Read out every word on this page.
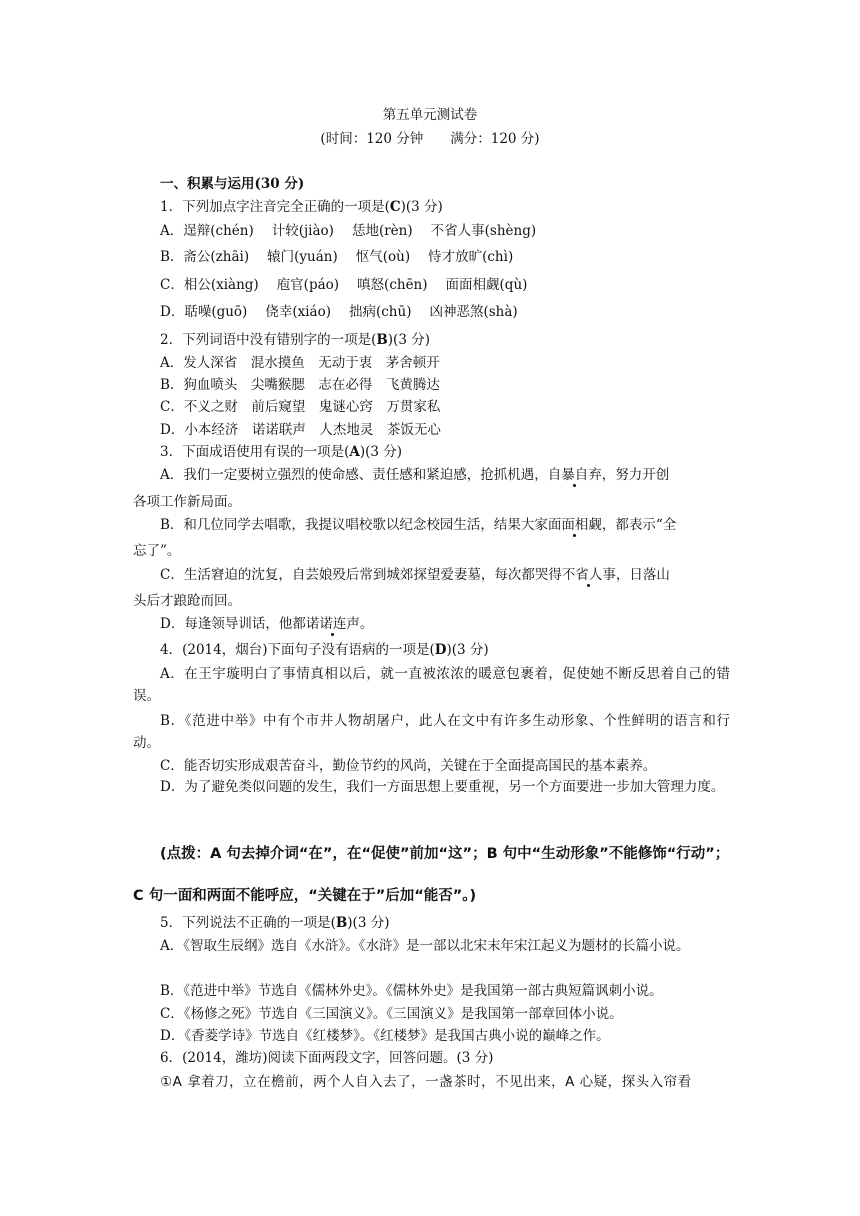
第五单元测试卷
(时间：120 分钟　　满分：120 分)
一、积累与运用(30 分)
1．下列加点字注音完全正确的一项是(C)(3 分)
A．逞辩(chén) 计较(jiào) 恁地(rèn) 不省人事(shèng)
B．斋公(zhāi) 辕门(yuán) 怄气(où) 恃才放旷(chì)
C．相公(xiàng) 庖官(páo) 嗔怒(chēn) 面面相觑(qù)
D．聒噪(guō) 侥幸(xiáo) 拙病(chū) 凶神恶煞(shà)
2．下列词语中没有错别字的一项是(B)(3 分)
A．发人深省　混水摸鱼　无动于衷　茅舍顿开
B．狗血喷头　尖嘴猴腮　志在必得　飞黄腾达
C．不义之财　前后窥望　鬼谜心窍　万贯家私
D．小本经济　诺诺联声　人杰地灵　茶饭无心
3．下面成语使用有误的一项是(A)(3 分)
A．我们一定要树立强烈的使命感、责任感和紧迫感，抢抓机遇，自暴自弃，努力开创
各项工作新局面。
B．和几位同学去唱歌，我提议唱校歌以纪念校园生活，结果大家面面相觑，都表示“全
忘了”。
C．生活窘迫的沈复，自芸娘殁后常到城郊探望爱妻墓，每次都哭得不省人事，日落山
头后才踉跄而回。
D．每逢领导训话，他都诺诺连声。
4．(2014，烟台)下面句子没有语病的一项是(D)(3 分)
A．在王宇璇明白了事情真相以后，就一直被浓浓的暖意包裹着，促使她不断反思着自己的错误。
B．《范进中举》中有个市井人物胡屠户，此人在文中有许多生动形象、个性鲜明的语言和行动。
C．能否切实形成艰苦奋斗，勤俭节约的风尚，关键在于全面提高国民的基本素养。
D．为了避免类似问题的发生，我们一方面思想上要重视，另一个方面要进一步加大管理力度。
(点拨：A 句去掉介词“在”，在“促使”前加“这”；B 句中“生动形象”不能修饰“行动”；C 句一面和两面不能呼应，“关键在于”后加“能否”。)
5．下列说法不正确的一项是(B)(3 分)
A．《智取生辰纲》选自《水浒》。《水浒》是一部以北宋末年宋江起义为题材的长篇小说。
B．《范进中举》节选自《儒林外史》。《儒林外史》是我国第一部古典短篇讽刺小说。
C．《杨修之死》节选自《三国演义》。《三国演义》是我国第一部章回体小说。
D．《香菱学诗》节选自《红楼梦》。《红楼梦》是我国古典小说的巅峰之作。
6．(2014，潍坊)阅读下面两段文字，回答问题。(3 分)
①A 拿着刀，立在檐前，两个人自入去了，一盏茶时，不见出来，A 心疑，探头入帘看
